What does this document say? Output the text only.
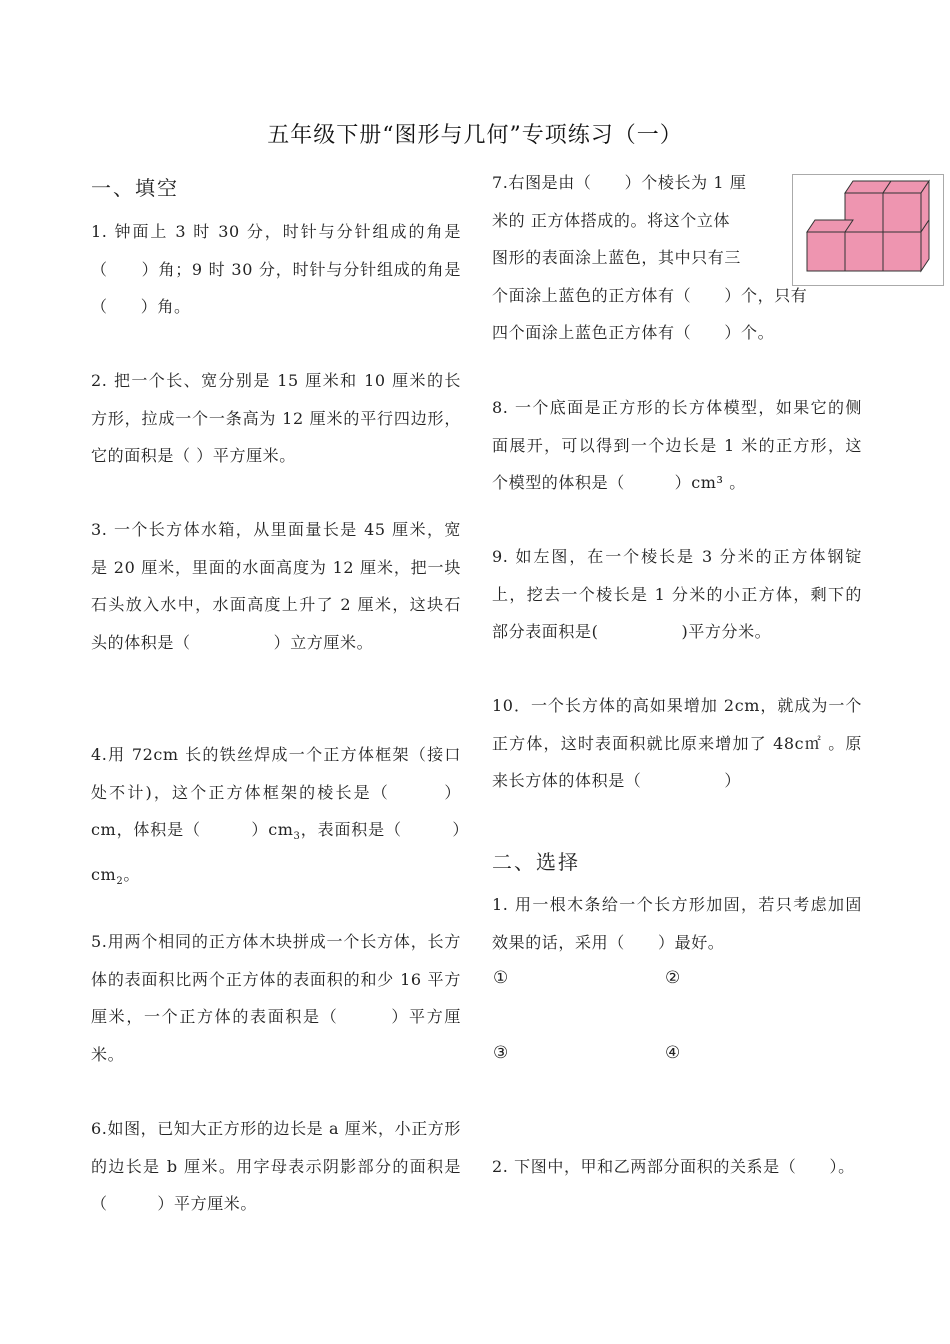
五年级下册“图形与几何”专项练习（一）
一、填空
1. 钟面上 3 时 30 分，时针与分针组成的角是（　　）角；9 时 30 分，时针与分针组成的角是（　　）角。
2. 把一个长、宽分别是 15 厘米和 10 厘米的长方形，拉成一个一条高为 12 厘米的平行四边形，它的面积是（ ）平方厘米。
3. 一个长方体水箱，从里面量长是 45 厘米，宽是 20 厘米，里面的水面高度为 12 厘米，把一块石头放入水中，水面高度上升了 2 厘米，这块石头的体积是（　　　　　）立方厘米。
4.用 72cm 长的铁丝焊成一个正方体框架（接口处不计)，这个正方体框架的棱长是（　　　）cm，体积是（　　　）$cm_3$，表面积是（　　　）$cm_2$。
5.用两个相同的正方体木块拼成一个长方体，长方体的表面积比两个正方体的表面积的和少 16 平方厘米，一个正方体的表面积是（　　　）平方厘米。
6.如图，已知大正方形的边长是 a 厘米，小正方形的边长是 b 厘米。用字母表示阴影部分的面积是（　　　）平方厘米。
7.右图是由（　　）个棱长为 1 厘
米的 正方体搭成的。将这个立体
图形的表面涂上蓝色，其中只有三
个面涂上蓝色的正方体有（　　）个，只有
四个面涂上蓝色正方体有（　　）个。
8. 一个底面是正方形的长方体模型，如果它的侧面展开，可以得到一个边长是 1 米的正方形，这个模型的体积是（　　　）cm³ 。
9. 如左图，在一个棱长是 3 分米的正方体钢锭上，挖去一个棱长是 1 分米的小正方体，剩下的部分表面积是(　　　　　)平方分米。
10．一个长方体的高如果增加 2cm，就成为一个正方体，这时表面积就比原来增加了 48c㎡ 。原来长方体的体积是（　　　　　）
二、选择
1. 用一根木条给一个长方形加固，若只考虑加固效果的话，采用（　　）最好。
①	②
③	④
2. 下图中，甲和乙两部分面积的关系是（　　）。
